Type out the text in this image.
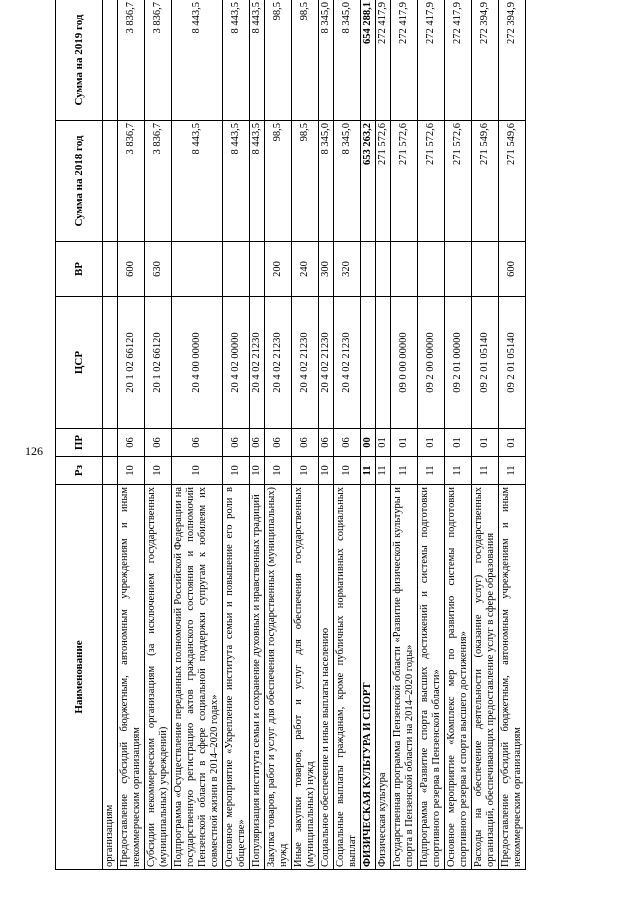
126
Наименование	Рз	ПР	ЦСР	ВР	Сумма на 2018 год	Сумма на 2019 год
организациям						
Предоставление субсидий бюджетным, автономным учреждениям и иным некоммерческим организациям	10	06	20 1 02 66120	600	3 836,7	3 836,7
Субсидии некоммерческим организациям (за исключением государственных (муниципальных) учреждений)	10	06	20 1 02 66120	630	3 836,7	3 836,7
Подпрограмма «Осуществление переданных полномочий Российской Федерации на государственную регистрацию актов гражданского состояния и полномочий Пензенской области в сфере социальной поддержки супругам к юбилеям их совместной жизни в 2014–2020 годах»	10	06	20 4 00 00000		8 443,5	8 443,5
Основное мероприятие «Укрепление института семьи и повышение его роли в обществе»	10	06	20 4 02 00000		8 443,5	8 443,5
Популяризация института семьи и сохранение духовных и нравственных традиций	10	06	20 4 02 21230		8 443,5	8 443,5
Закупка товаров, работ и услуг для обеспечения государственных (муниципальных) нужд	10	06	20 4 02 21230	200	98,5	98,5
Иные закупки товаров, работ и услуг для обеспечения государственных (муниципальных) нужд	10	06	20 4 02 21230	240	98,5	98,5
Социальное обеспечение и иные выплаты населению	10	06	20 4 02 21230	300	8 345,0	8 345,0
Социальные выплаты гражданам, кроме публичных нормативных социальных выплат	10	06	20 4 02 21230	320	8 345,0	8 345,0
ФИЗИЧЕСКАЯ КУЛЬТУРА И СПОРТ	11	00			653 263,2	654 288,1
Физическая культура	11	01			271 572,6	272 417,9
Государственная программа Пензенской области «Развитие физической культуры и спорта в Пензенской области на 2014–2020 годы»	11	01	09 0 00 00000		271 572,6	272 417,9
Подпрограмма «Развитие спорта высших достижений и системы подготовки спортивного резерва в Пензенской области»	11	01	09 2 00 00000		271 572,6	272 417,9
Основное мероприятие «Комплекс мер по развитию системы подготовки спортивного резерва и спорта высшего достижения»	11	01	09 2 01 00000		271 572,6	272 417,9
Расходы на обеспечение деятельности (оказание услуг) государственных организаций, обеспечивающих предоставление услуг в сфере образования	11	01	09 2 01 05140		271 549,6	272 394,9
Предоставление субсидий бюджетным, автономным учреждениям и иным некоммерческим организациям	11	01	09 2 01 05140	600	271 549,6	272 394,9
